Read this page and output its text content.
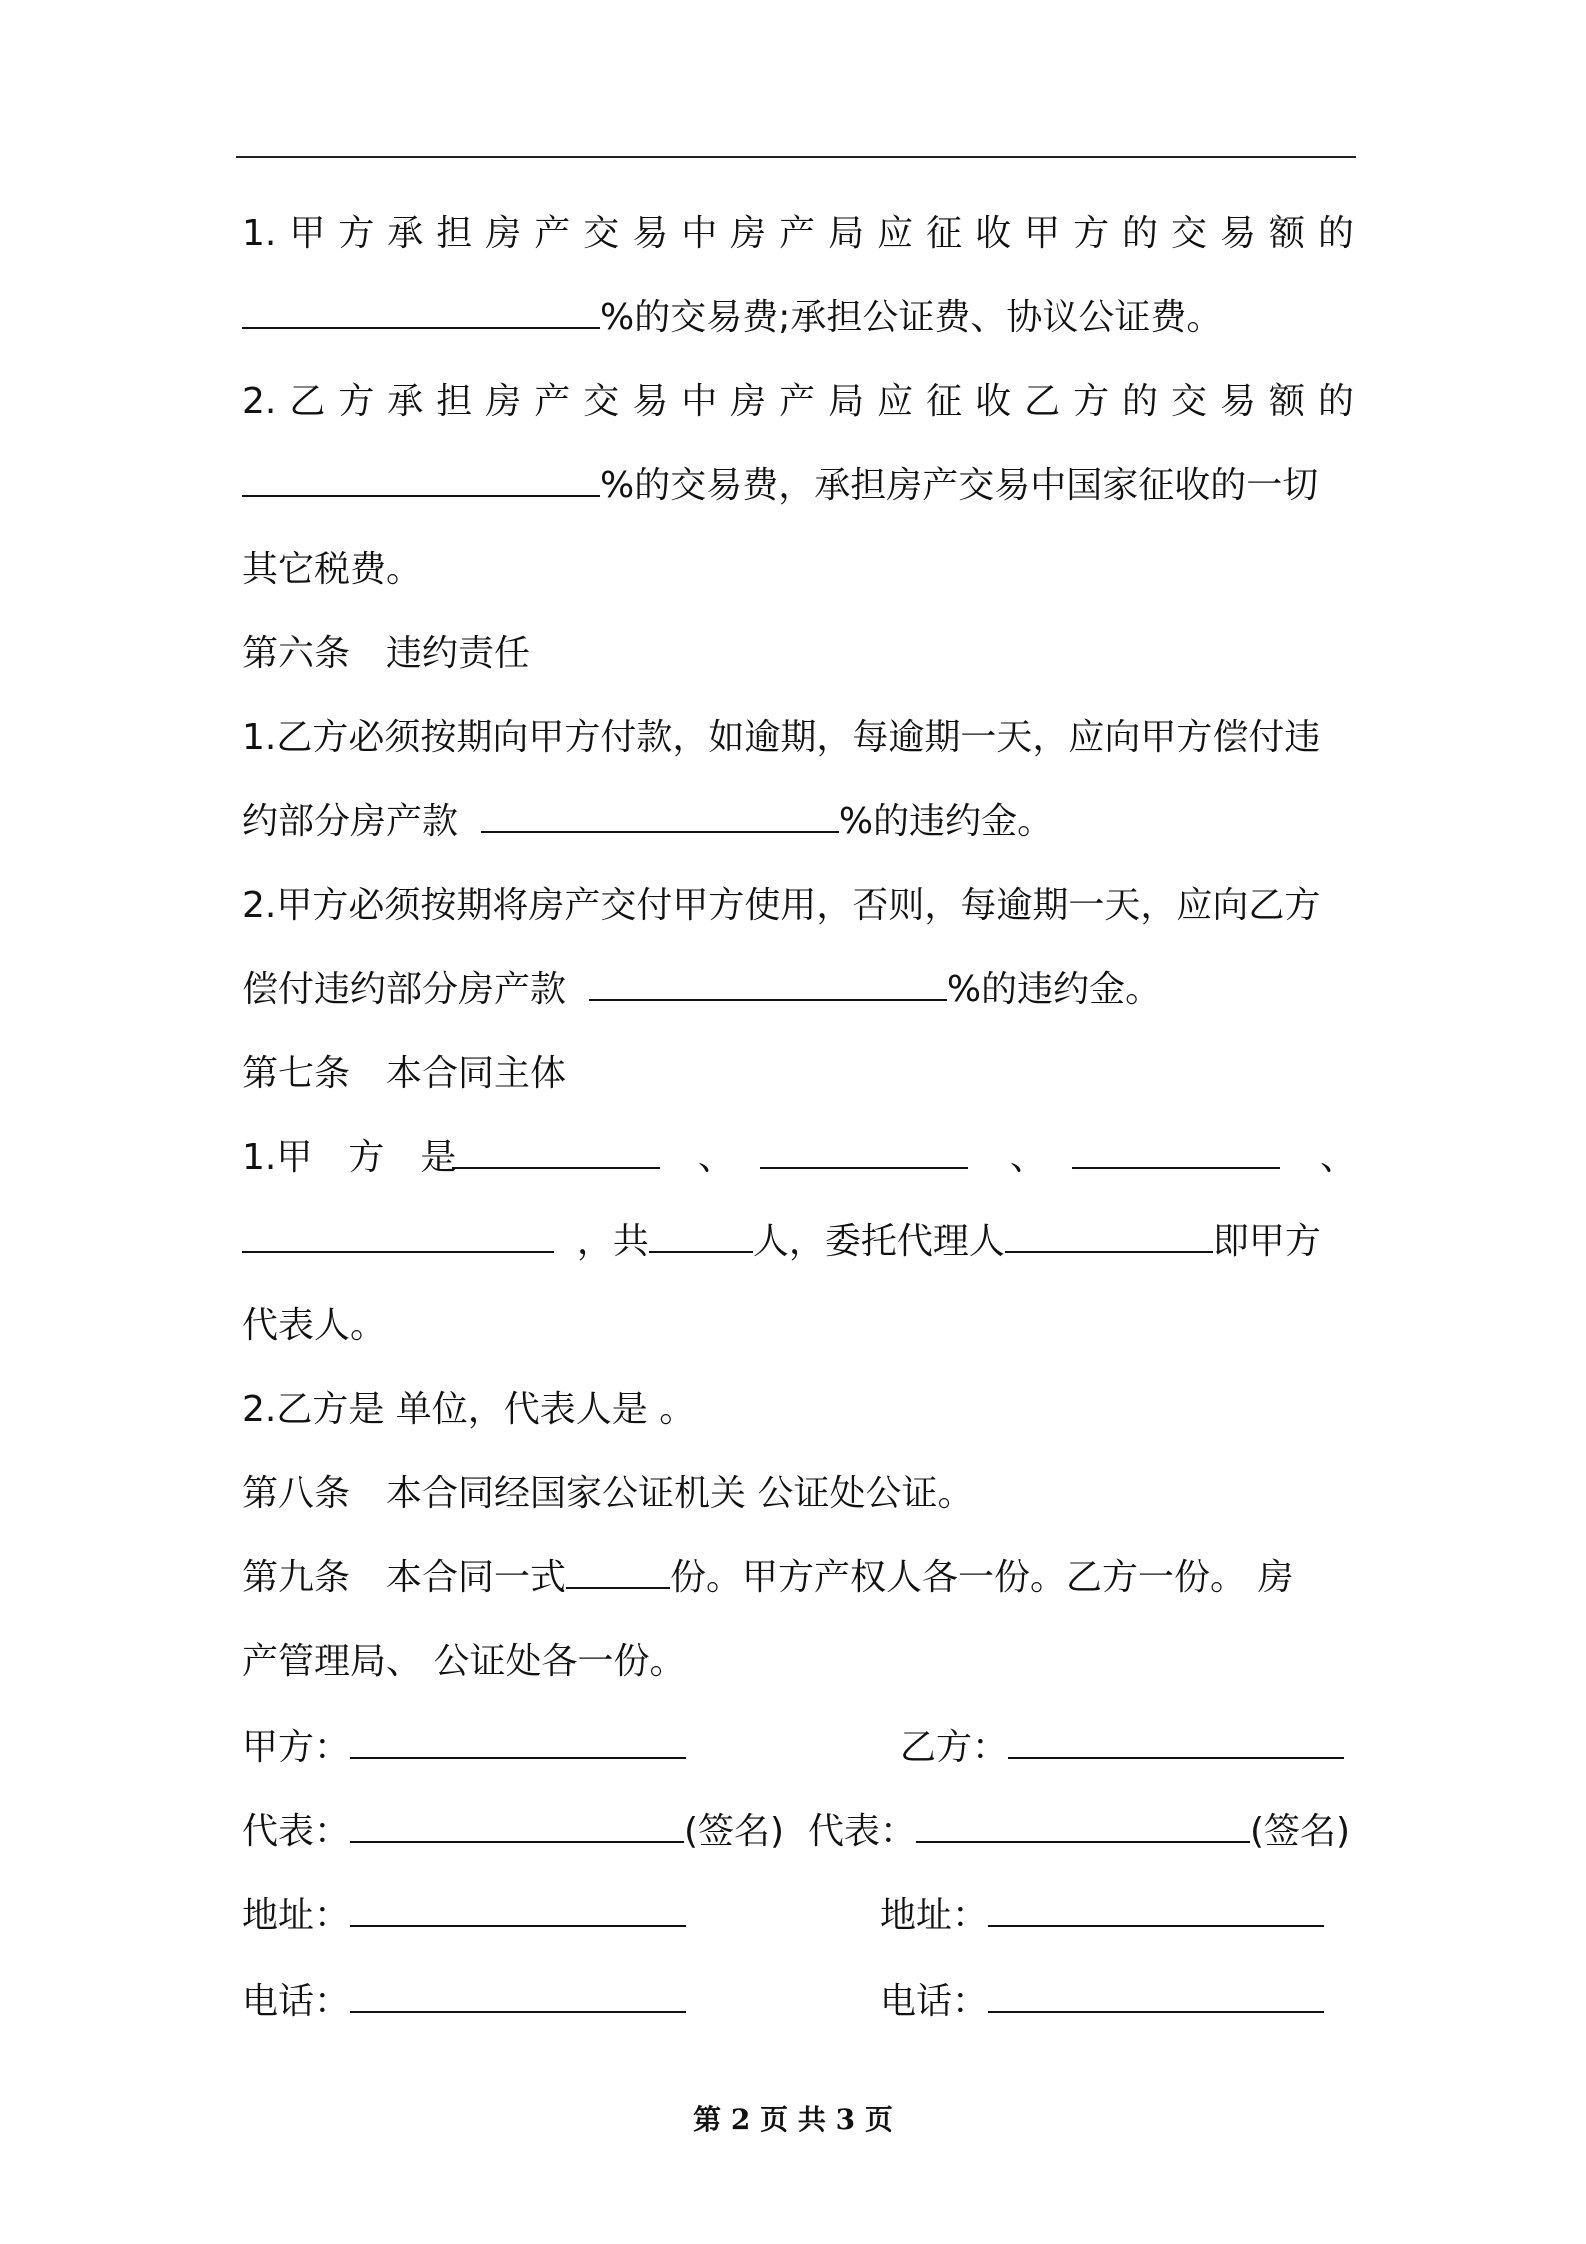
1.甲方承担房产交易中房产局应征收甲方的交易额的
%的交易费;承担公证费、协议公证费。
2.乙方承担房产交易中房产局应征收乙方的交易额的
%的交易费，承担房产交易中国家征收的一切
其它税费。
第六条　违约责任
1.乙方必须按期向甲方付款，如逾期，每逾期一天，应向甲方偿付违
约部分房产款	%的违约金。
2.甲方必须按期将房产交付甲方使用，否则，每逾期一天，应向乙方
偿付违约部分房产款	%的违约金。
第七条　本合同主体
1.甲　方　是	、	、	、
，共	人，委托代理人	即甲方
代表人。
2.乙方是 单位，代表人是 。
第八条　本合同经国家公证机关 公证处公证。
第九条　本合同一式	份。甲方产权人各一份。乙方一份。 房
产管理局、 公证处各一份。
甲方：	乙方：
代表：	(签名) 代表：	(签名)
地址：	地址：
电话：	电话：
第 2 页 共 3 页
